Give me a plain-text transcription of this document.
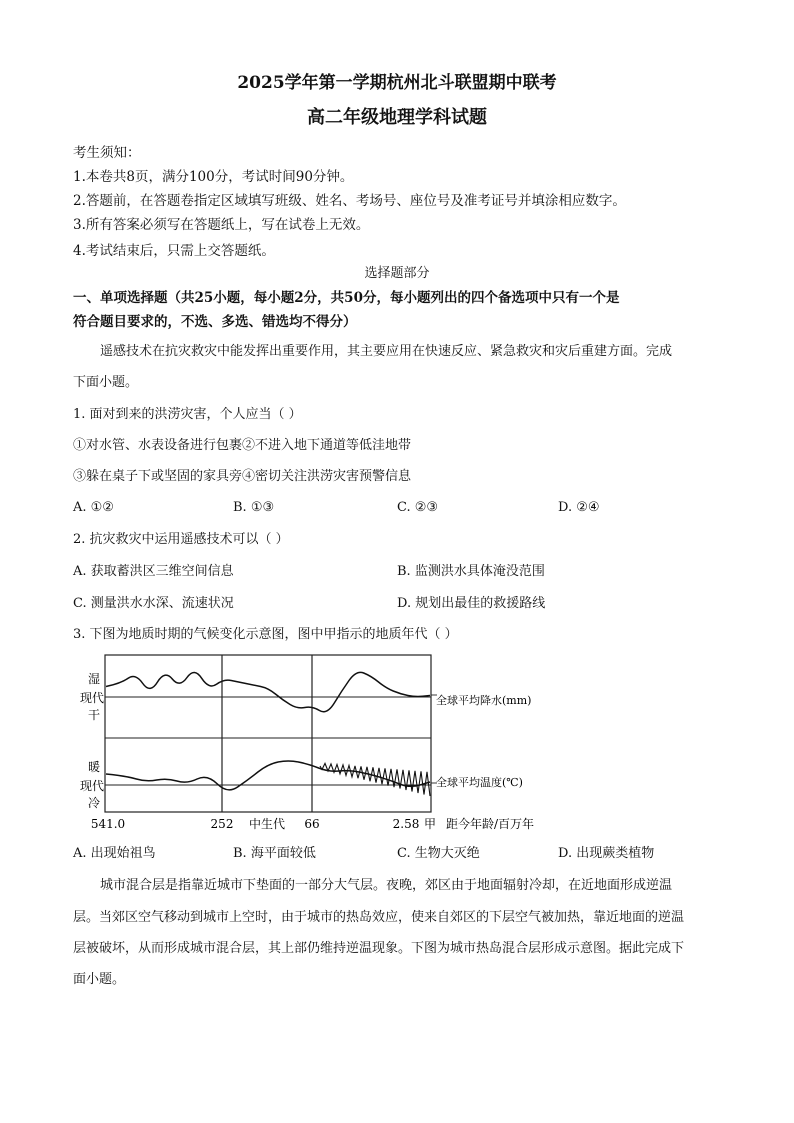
2025学年第一学期杭州北斗联盟期中联考
高二年级地理学科试题
考生须知：
1.本卷共8页，满分100分，考试时间90分钟。
2.答题前，在答题卷指定区域填写班级、姓名、考场号、座位号及准考证号并填涂相应数字。
3.所有答案必须写在答题纸上，写在试卷上无效。
4.考试结束后，只需上交答题纸。
选择题部分
一、单项选择题（共25小题，每小题2分，共50分，每小题列出的四个备选项中只有一个是
符合题目要求的，不选、多选、错选均不得分）
遥感技术在抗灾救灾中能发挥出重要作用，其主要应用在快速反应、紧急救灾和灾后重建方面。完成
下面小题。
1. 面对到来的洪涝灾害，个人应当（ ）
①对水管、水表设备进行包裹②不进入地下通道等低洼地带
③躲在桌子下或坚固的家具旁④密切关注洪涝灾害预警信息
A. ①②	B. ①③	C. ②③	D. ②④
2. 抗灾救灾中运用遥感技术可以（ ）
A. 获取蓄洪区三维空间信息	B. 监测洪水具体淹没范围
C. 测量洪水水深、流速状况	D. 规划出最佳的救援路线
3. 下图为地质时期的气候变化示意图，图中甲指示的地质年代（ ）
湿
现代
干
暖
现代
冷
全球平均降水(mm)
全球平均温度(℃)
541.0	252 中生代 66	2.58 甲 距今年龄/百万年
A. 出现始祖鸟	B. 海平面较低	C. 生物大灭绝	D. 出现蕨类植物
城市混合层是指靠近城市下垫面的一部分大气层。夜晚，郊区由于地面辐射冷却，在近地面形成逆温
层。当郊区空气移动到城市上空时，由于城市的热岛效应，使来自郊区的下层空气被加热，靠近地面的逆温
层被破坏，从而形成城市混合层，其上部仍维持逆温现象。下图为城市热岛混合层形成示意图。据此完成下
面小题。
